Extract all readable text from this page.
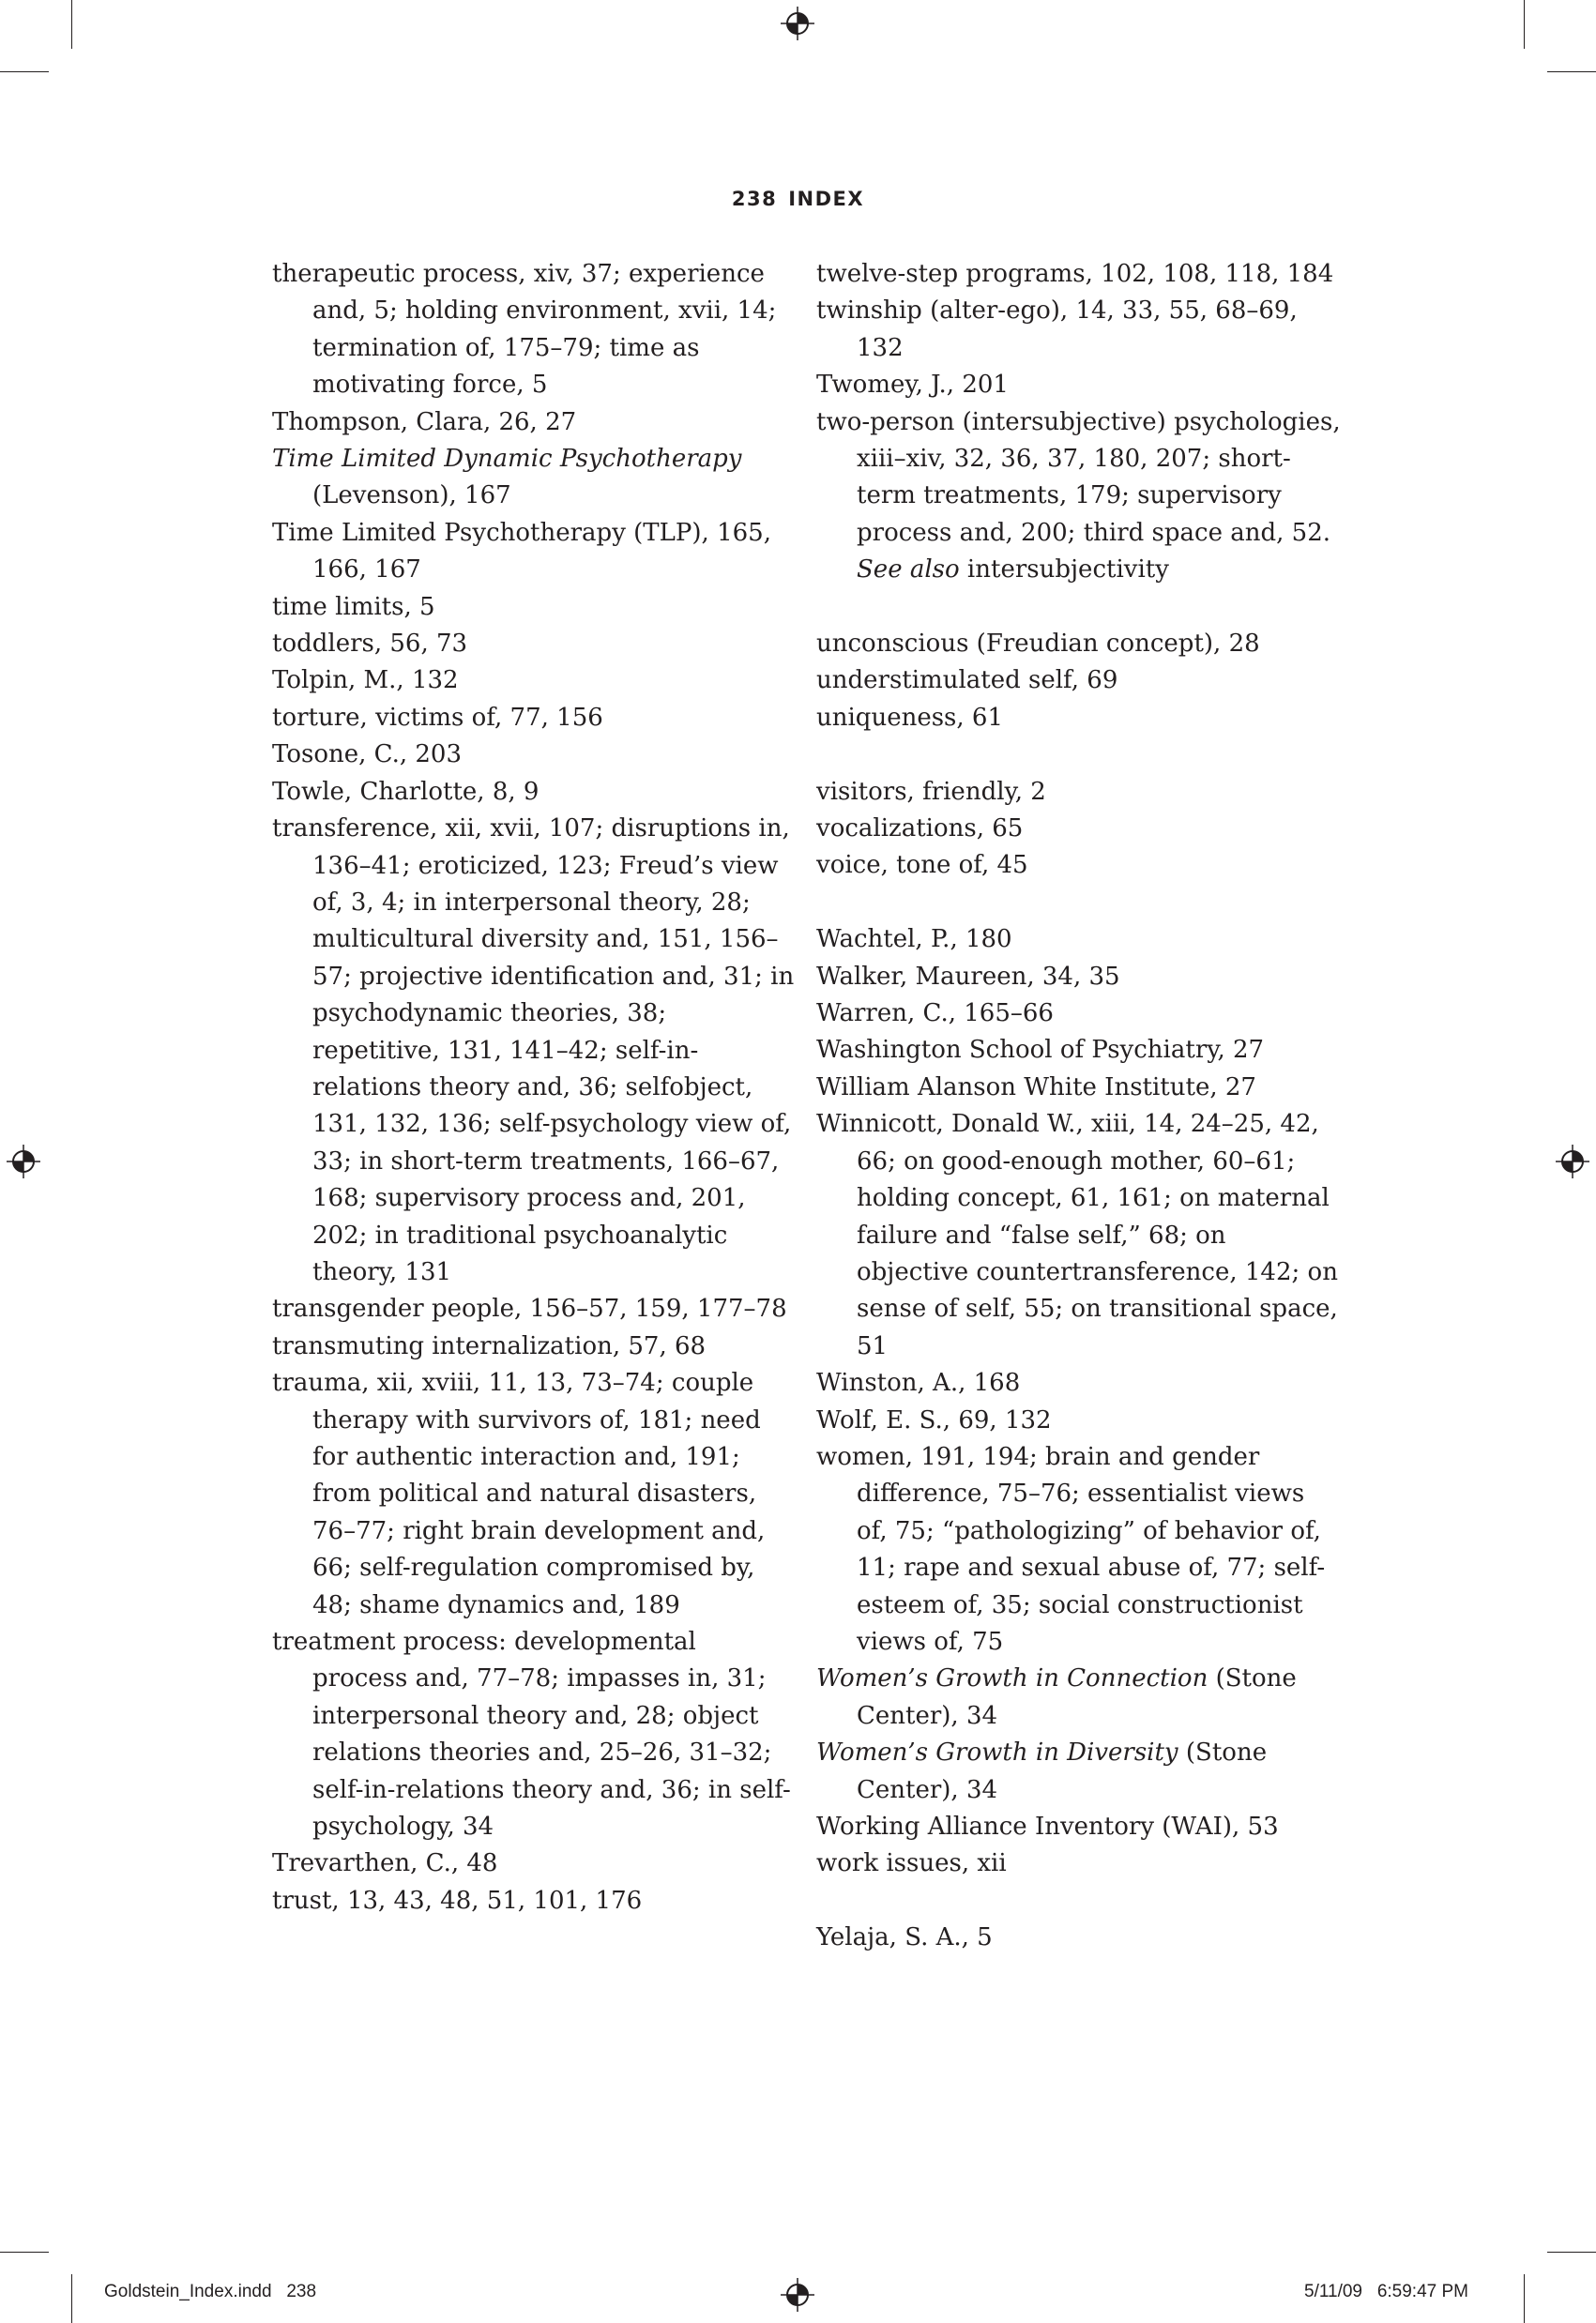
238 INDEX
therapeutic process, xiv, 37; experience and, 5; holding environment, xvii, 14; termination of, 175–79; time as motivating force, 5
Thompson, Clara, 26, 27
Time Limited Dynamic Psychotherapy (Levenson), 167
Time Limited Psychotherapy (TLP), 165, 166, 167
time limits, 5
toddlers, 56, 73
Tolpin, M., 132
torture, victims of, 77, 156
Tosone, C., 203
Towle, Charlotte, 8, 9
transference, xii, xvii, 107; disruptions in, 136–41; eroticized, 123; Freud’s view of, 3, 4; in interpersonal theory, 28; multicultural diversity and, 151, 156–57; projective identification and, 31; in psychodynamic theories, 38; repetitive, 131, 141–42; self-in-relations theory and, 36; selfobject, 131, 132, 136; self-psychology view of, 33; in short-term treatments, 166–67, 168; supervisory process and, 201, 202; in traditional psychoanalytic theory, 131
transgender people, 156–57, 159, 177–78
transmuting internalization, 57, 68
trauma, xii, xviii, 11, 13, 73–74; couple therapy with survivors of, 181; need for authentic interaction and, 191; from political and natural disasters, 76–77; right brain development and, 66; self-regulation compromised by, 48; shame dynamics and, 189
treatment process: developmental process and, 77–78; impasses in, 31; interpersonal theory and, 28; object relations theories and, 25–26, 31–32; self-in-relations theory and, 36; in self-psychology, 34
Trevarthen, C., 48
trust, 13, 43, 48, 51, 101, 176
twelve-step programs, 102, 108, 118, 184
twinship (alter-ego), 14, 33, 55, 68–69, 132
Twomey, J., 201
two-person (intersubjective) psychologies, xiii–xiv, 32, 36, 37, 180, 207; short-term treatments, 179; supervisory process and, 200; third space and, 52. See also intersubjectivity
unconscious (Freudian concept), 28
understimulated self, 69
uniqueness, 61
visitors, friendly, 2
vocalizations, 65
voice, tone of, 45
Wachtel, P., 180
Walker, Maureen, 34, 35
Warren, C., 165–66
Washington School of Psychiatry, 27
William Alanson White Institute, 27
Winnicott, Donald W., xiii, 14, 24–25, 42, 66; on good-enough mother, 60–61; holding concept, 61, 161; on maternal failure and “false self,” 68; on objective countertransference, 142; on sense of self, 55; on transitional space, 51
Winston, A., 168
Wolf, E. S., 69, 132
women, 191, 194; brain and gender difference, 75–76; essentialist views of, 75; “pathologizing” of behavior of, 11; rape and sexual abuse of, 77; self-esteem of, 35; social constructionist views of, 75
Women’s Growth in Connection (Stone Center), 34
Women’s Growth in Diversity (Stone Center), 34
Working Alliance Inventory (WAI), 53
work issues, xii
Yelaja, S. A., 5
Goldstein_Index.indd   238	5/11/09   6:59:47 PM
